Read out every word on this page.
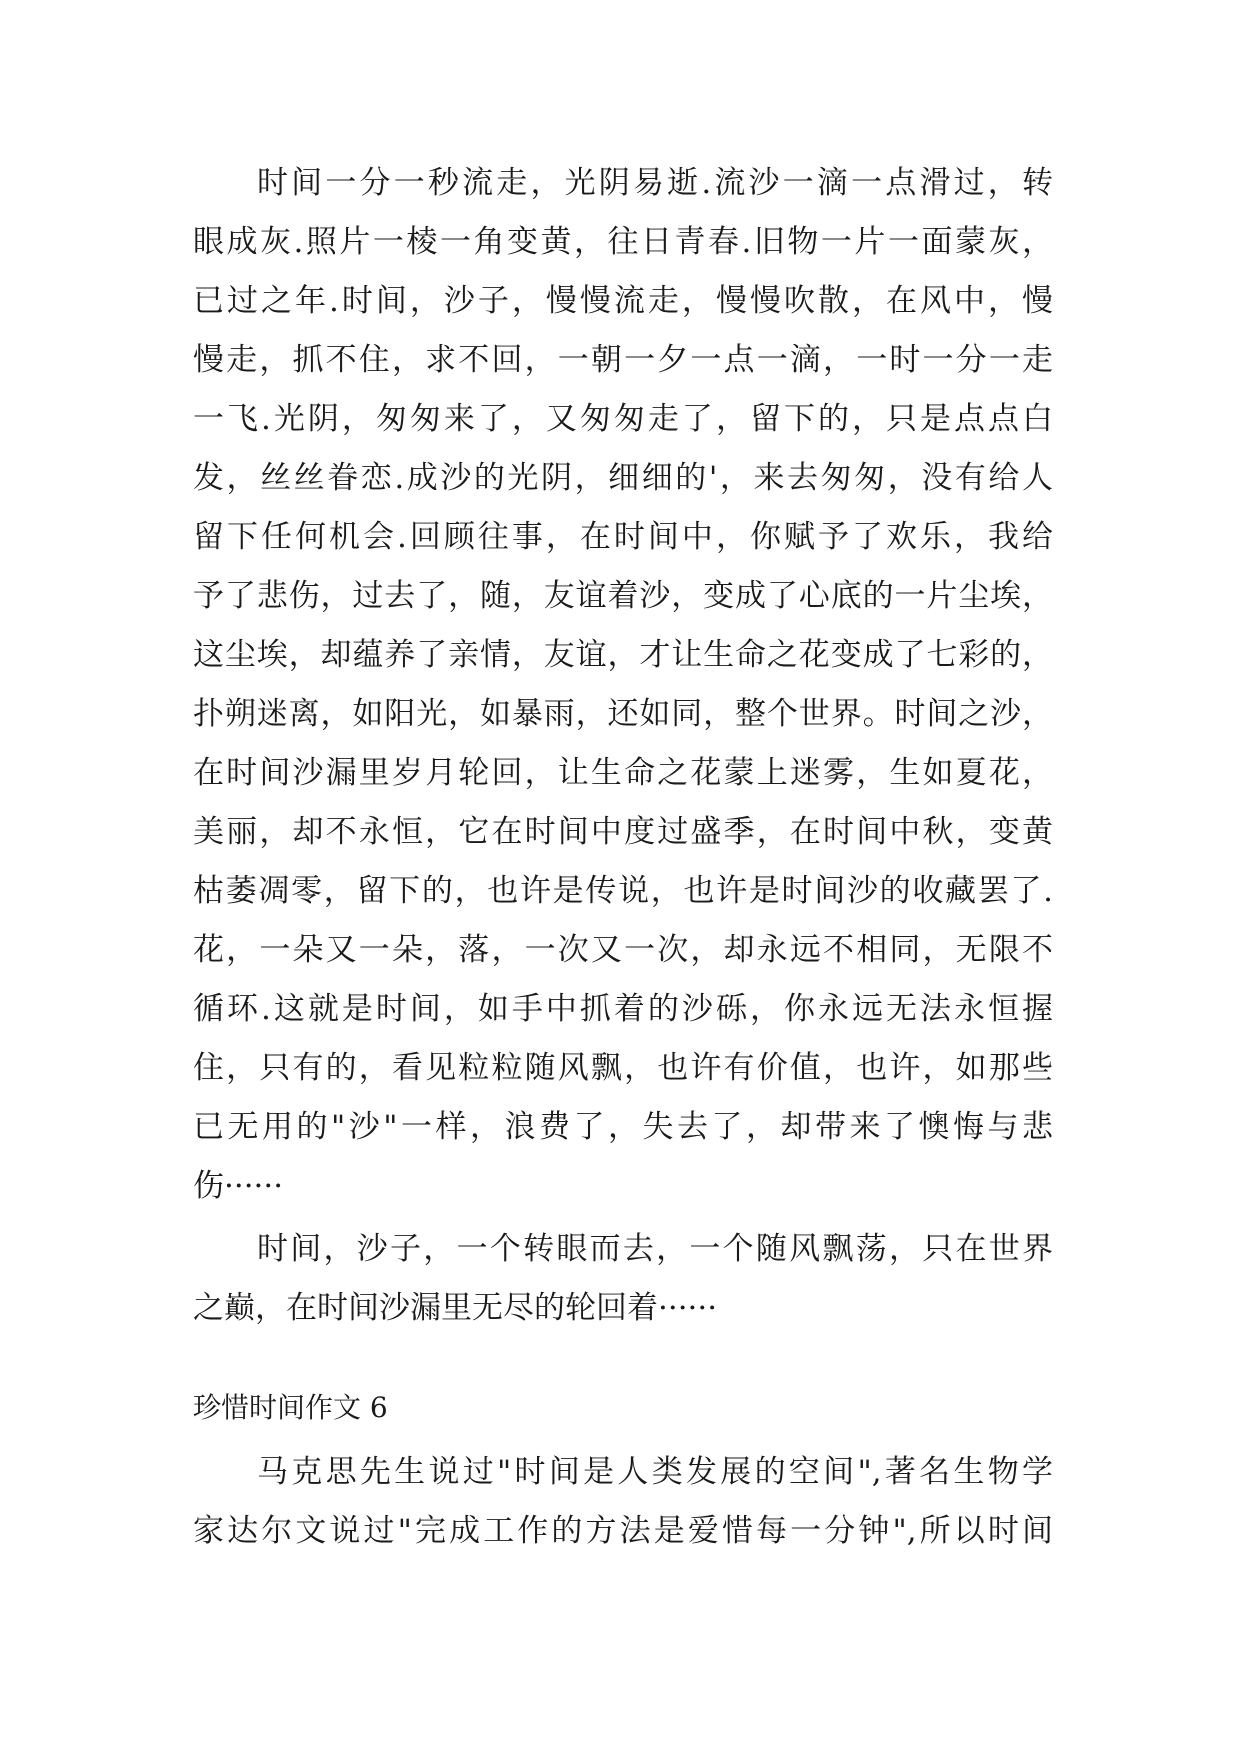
时间一分一秒流走，光阴易逝.流沙一滴一点滑过，转
眼成灰.照片一棱一角变黄，往日青春.旧物一片一面蒙灰，
已过之年.时间，沙子，慢慢流走，慢慢吹散，在风中，慢
慢走，抓不住，求不回，一朝一夕一点一滴，一时一分一走
一飞.光阴，匆匆来了，又匆匆走了，留下的，只是点点白
发，丝丝眷恋.成沙的光阴，细细的'，来去匆匆，没有给人
留下任何机会.回顾往事，在时间中，你赋予了欢乐，我给
予了悲伤，过去了，随，友谊着沙，变成了心底的一片尘埃，
这尘埃，却蕴养了亲情，友谊，才让生命之花变成了七彩的，
扑朔迷离，如阳光，如暴雨，还如同，整个世界。时间之沙，
在时间沙漏里岁月轮回，让生命之花蒙上迷雾，生如夏花，
美丽，却不永恒，它在时间中度过盛季，在时间中秋，变黄
枯萎凋零，留下的，也许是传说，也许是时间沙的收藏罢了.
花，一朵又一朵，落，一次又一次，却永远不相同，无限不
循环.这就是时间，如手中抓着的沙砾，你永远无法永恒握
住，只有的，看见粒粒随风飘，也许有价值，也许，如那些
已无用的"沙"一样，浪费了，失去了，却带来了懊悔与悲
伤······
时间，沙子，一个转眼而去，一个随风飘荡，只在世界
之巅，在时间沙漏里无尽的轮回着······
珍惜时间作文 6
马克思先生说过"时间是人类发展的空间",著名生物学
家达尔文说过"完成工作的方法是爱惜每一分钟",所以时间
